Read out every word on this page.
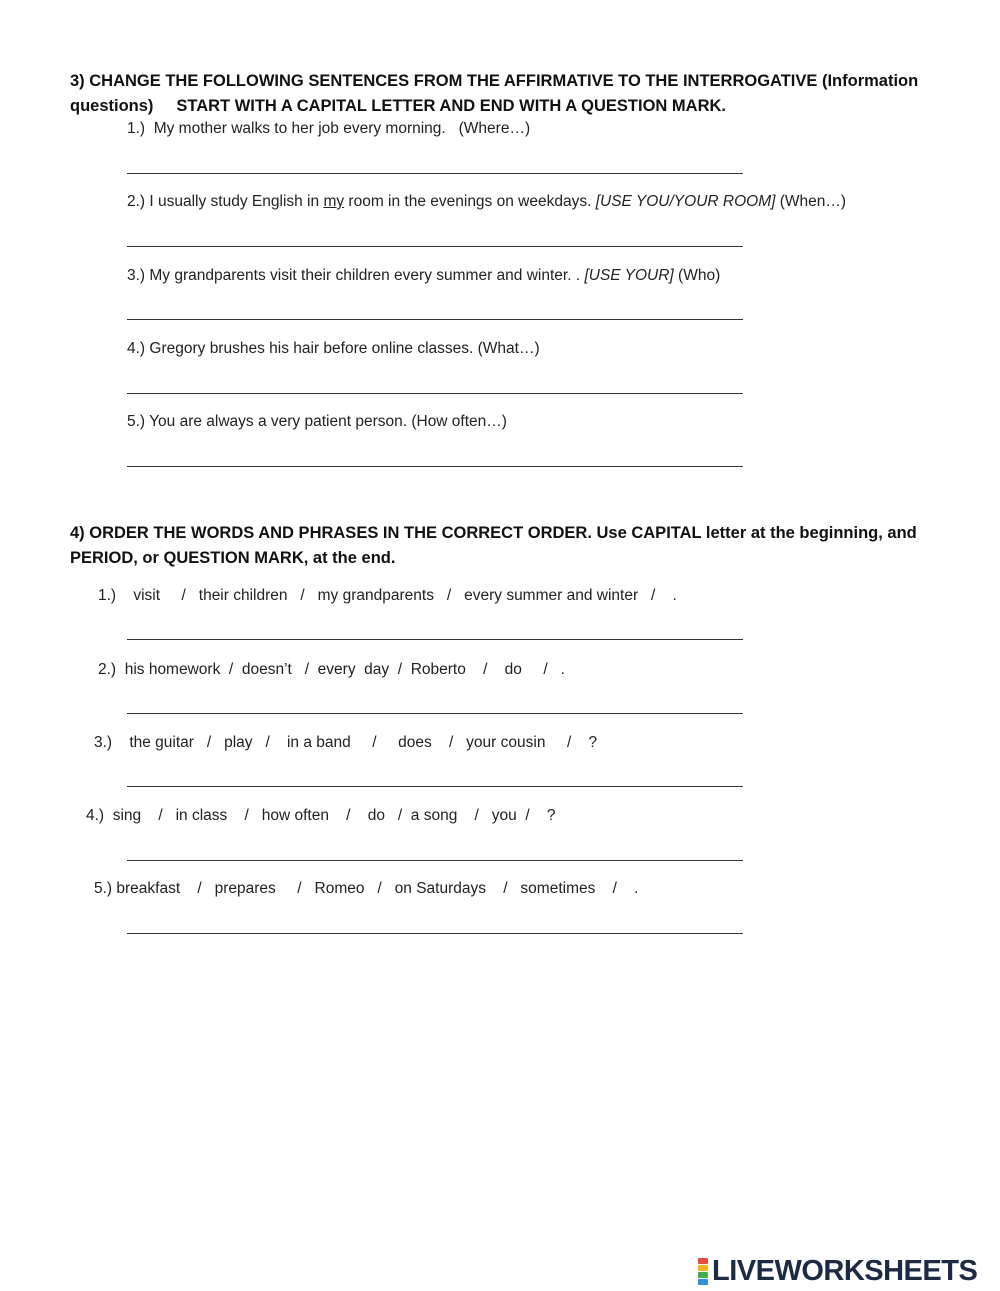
3) CHANGE THE FOLLOWING SENTENCES FROM THE AFFIRMATIVE TO THE INTERROGATIVE (Information
questions)     START WITH A CAPITAL LETTER AND END WITH A QUESTION MARK.
1.)  My mother walks to her job every morning.   (Where…)
2.) I usually study English in my room in the evenings on weekdays. [USE YOU/YOUR ROOM] (When…)
3.) My grandparents visit their children every summer and winter. . [USE YOUR] (Who)
4.) Gregory brushes his hair before online classes. (What…)
5.) You are always a very patient person. (How often…)
4) ORDER THE WORDS AND PHRASES IN THE CORRECT ORDER. Use CAPITAL letter at the beginning, and
PERIOD, or QUESTION MARK, at the end.
1.)    visit     /   their children   /   my grandparents   /   every summer and winter   /    .
2.)  his homework  /  doesn’t   /  every  day  /  Roberto    /    do     /   .
3.)    the guitar   /   play   /    in a band     /     does    /   your cousin     /    ?
4.)  sing    /   in class    /   how often    /    do   /  a song    /   you  /    ?
5.) breakfast    /   prepares     /   Romeo   /   on Saturdays    /   sometimes    /    .
LIVEWORKSHEETS
